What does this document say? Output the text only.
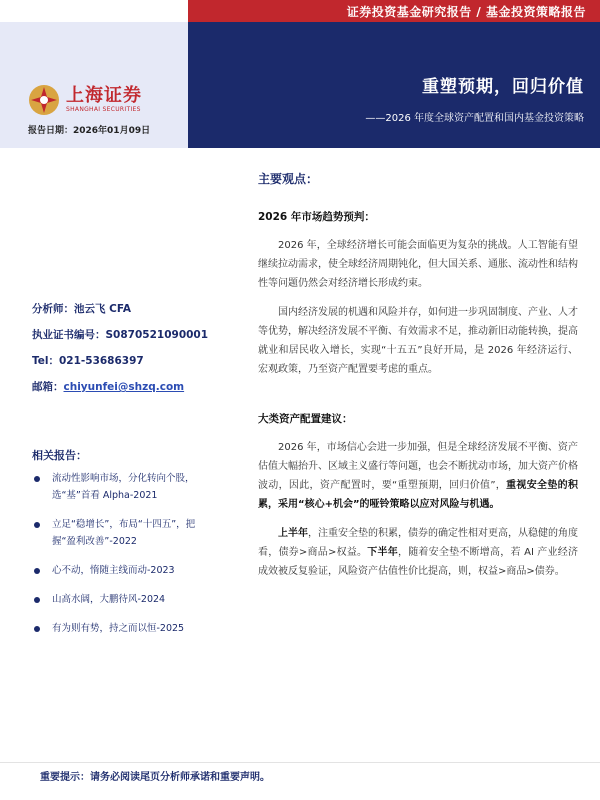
证券投资基金研究报告 / 基金投资策略报告
上海证券
SHANGHAI SECURITIES
报告日期：2026年01月09日
重塑预期，回归价值
——2026 年度全球资产配置和国内基金投资策略
分析师：池云飞 CFA
执业证书编号：S0870521090001
Tel：021-53686397
邮箱：chiyunfei@shzq.com
相关报告：
流动性影响市场，分化转向个股，选“基”首看 Alpha-2021
立足“稳增长”，布局“十四五”，把握“盈利改善”-2022
心不动，惰随主线而动-2023
山高水阔，大鹏待风-2024
有为则有势，持之而以恒-2025
主要观点：
2026 年市场趋势预判：

2026 年，全球经济增长可能会面临更为复杂的挑战。人工智能有望继续拉动需求，使全球经济周期钝化，但大国关系、通胀、流动性和结构性等问题仍然会对经济增长形成约束。

国内经济发展的机遇和风险并存，如何进一步巩固制度、产业、人才等优势，解决经济发展不平衡、有效需求不足，推动新旧动能转换，提高就业和居民收入增长，实现“十五五”良好开局，是 2026 年经济运行、宏观政策，乃至资产配置要考虑的重点。

大类资产配置建议：

2026 年，市场信心会进一步加强，但是全球经济发展不平衡、资产估值大幅抬升、区域主义盛行等问题，也会不断扰动市场，加大资产价格波动，因此，资产配置时，要“重塑预期，回归价值”，重视安全垫的积累，采用“核心+机会”的哑铃策略以应对风险与机遇。

上半年，注重安全垫的积累，债券的确定性相对更高，从稳健的角度看，债券>商品>权益。下半年，随着安全垫不断增高，若 AI 产业经济成效被反复验证，风险资产估值性价比提高，则，权益>商品>债券。

重要提示：请务必阅读尾页分析师承诺和重要声明。
